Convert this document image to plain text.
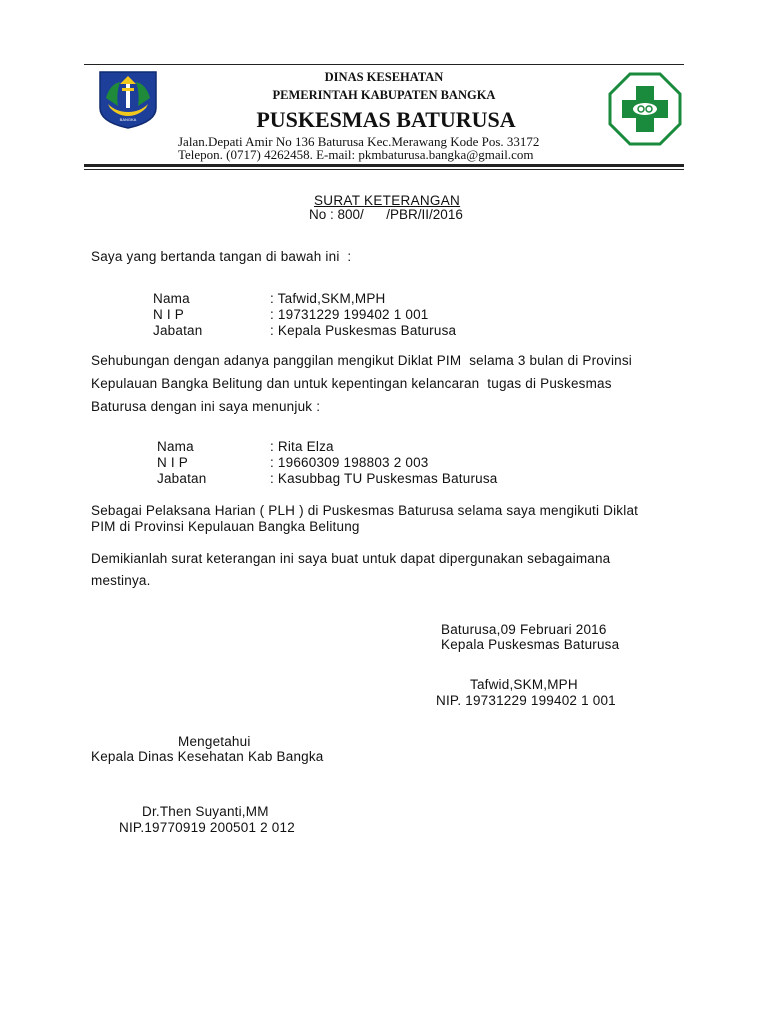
BANGKA
DINAS KESEHATAN
PEMERINTAH KABUPATEN BANGKA
PUSKESMAS BATURUSA
Jalan.Depati Amir No 136 Baturusa Kec.Merawang Kode Pos. 33172
Telepon. (0717) 4262458. E-mail: pkmbaturusa.bangka@gmail.com
SURAT KETERANGAN
No : 800/      /PBR/II/2016
Saya yang bertanda tangan di bawah ini  :
Nama	: Tafwid,SKM,MPH
N I P	: 19731229 199402 1 001
Jabatan	: Kepala Puskesmas Baturusa
Sehubungan dengan adanya panggilan mengikut Diklat PIM  selama 3 bulan di Provinsi
Kepulauan Bangka Belitung dan untuk kepentingan kelancaran  tugas di Puskesmas
Baturusa dengan ini saya menunjuk :
Nama	: Rita Elza
N I P	: 19660309 198803 2 003
Jabatan	: Kasubbag TU Puskesmas Baturusa
Sebagai Pelaksana Harian ( PLH ) di Puskesmas Baturusa selama saya mengikuti Diklat
PIM di Provinsi Kepulauan Bangka Belitung
Demikianlah surat keterangan ini saya buat untuk dapat dipergunakan sebagaimana
mestinya.
Baturusa,09 Februari 2016
Kepala Puskesmas Baturusa
Tafwid,SKM,MPH
NIP. 19731229 199402 1 001
Mengetahui
Kepala Dinas Kesehatan Kab Bangka
Dr.Then Suyanti,MM
NIP.19770919 200501 2 012
